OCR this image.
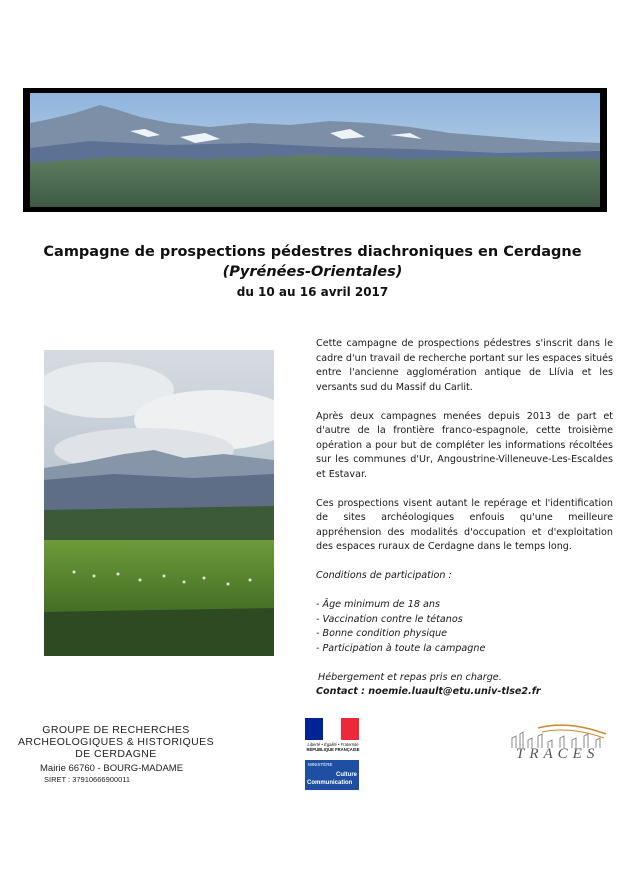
Campagne de prospections pédestres diachroniques en Cerdagne
(Pyrénées-Orientales)
du 10 au 16 avril 2017

Cette campagne de prospections pédestres s'inscrit dans le cadre d'un travail de recherche portant sur les espaces situés entre l'ancienne agglomération antique de Llívia et les versants sud du Massif du Carlit.

Après deux campagnes menées depuis 2013 de part et d'autre de la frontière franco-espagnole, cette troisième opération a pour but de compléter les informations récoltées sur les communes d'Ur, Angoustrine-Villeneuve-Les-Escaldes et Estavar.

Ces prospections visent autant le repérage et l'identification de sites archéologiques enfouis qu'une meilleure appréhension des modalités d'occupation et d'exploitation des espaces ruraux de Cerdagne dans le temps long.

Conditions de participation :

- Âge minimum de 18 ans
- Vaccination contre le tétanos
- Bonne condition physique
- Participation à toute la campagne
Hébergement et repas pris en charge.
Contact : noemie.luault@etu.univ-tlse2.fr
GROUPE DE RECHERCHES
ARCHEOLOGIQUES & HISTORIQUES
DE CERDAGNE
Mairie 66760 - BOURG-MADAME
SIRET : 37910666900011
Liberté • Égalité • Fraternité
RÉPUBLIQUE FRANÇAISE
MINISTÈRE
Culture
Communication
TRACES
